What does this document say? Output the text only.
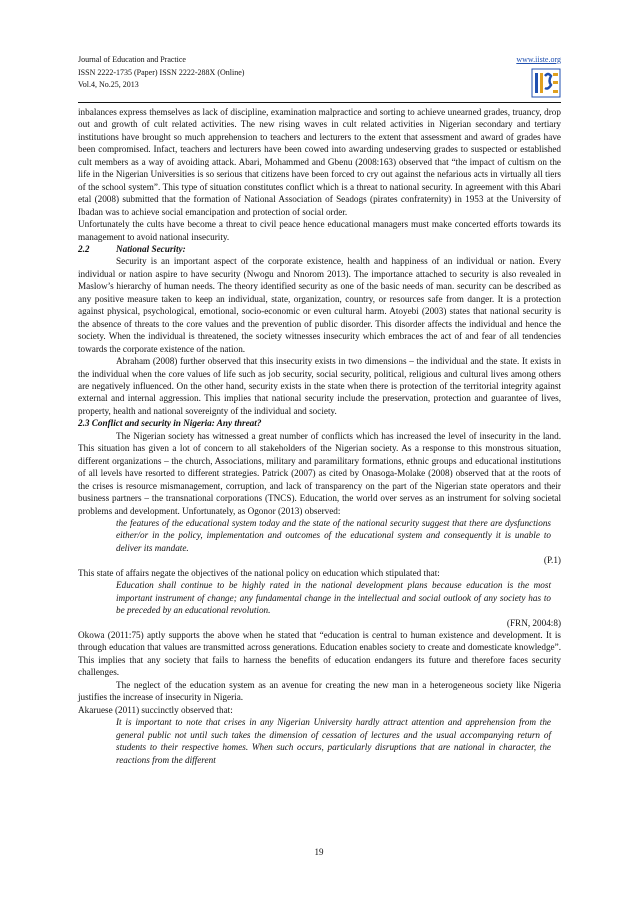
Journal of Education and Practice
ISSN 2222-1735 (Paper) ISSN 2222-288X (Online)
Vol.4, No.25, 2013
www.iiste.org

inbalances express themselves as lack of discipline, examination malpractice and sorting to achieve unearned grades, truancy, drop out and growth of cult related activities. The new rising waves in cult related activities in Nigerian secondary and tertiary institutions have brought so much apprehension to teachers and lecturers to the extent that assessment and award of grades have been compromised. Infact, teachers and lecturers have been cowed into awarding undeserving grades to suspected or established cult members as a way of avoiding attack. Abari, Mohammed and Gbenu (2008:163) observed that “the impact of cultism on the life in the Nigerian Universities is so serious that citizens have been forced to cry out against the nefarious acts in virtually all tiers of the school system”. This type of situation constitutes conflict which is a threat to national security. In agreement with this Abari etal (2008) submitted that the formation of National Association of Seadogs (pirates confraternity) in 1953 at the University of Ibadan was to achieve social emancipation and protection of social order.

Unfortunately the cults have become a threat to civil peace hence educational managers must make concerted efforts towards its management to avoid national insecurity.

2.2	National Security:

Security is an important aspect of the corporate existence, health and happiness of an individual or nation. Every individual or nation aspire to have security (Nwogu and Nnorom 2013). The importance attached to security is also revealed in Maslow’s hierarchy of human needs. The theory identified security as one of the basic needs of man. security can be described as any positive measure taken to keep an individual, state, organization, country, or resources safe from danger. It is a protection against physical, psychological, emotional, socio-economic or even cultural harm. Atoyebi (2003) states that national security is the absence of threats to the core values and the prevention of public disorder. This disorder affects the individual and hence the society. When the individual is threatened, the society witnesses insecurity which embraces the act of and fear of all tendencies towards the corporate existence of the nation.

Abraham (2008) further observed that this insecurity exists in two dimensions – the individual and the state. It exists in the individual when the core values of life such as job security, social security, political, religious and cultural lives among others are negatively influenced. On the other hand, security exists in the state when there is protection of the territorial integrity against external and internal aggression. This implies that national security include the preservation, protection and guarantee of lives, property, health and national sovereignty of the individual and society.

2.3 Conflict and security in Nigeria: Any threat?

The Nigerian society has witnessed a great number of conflicts which has increased the level of insecurity in the land. This situation has given a lot of concern to all stakeholders of the Nigerian society. As a response to this monstrous situation, different organizations – the church, Associations, military and paramilitary formations, ethnic groups and educational institutions of all levels have resorted to different strategies. Patrick (2007) as cited by Onasoga-Molake (2008) observed that at the roots of the crises is resource mismanagement, corruption, and lack of transparency on the part of the Nigerian state operators and their business partners – the transnational corporations (TNCS). Education, the world over serves as an instrument for solving societal problems and development. Unfortunately, as Ogonor (2013) observed:

the features of the educational system today and the state of the national security suggest that there are dysfunctions either/or in the policy, implementation and outcomes of the educational system and consequently it is unable to deliver its mandate.

(P.1)

This state of affairs negate the objectives of the national policy on education which stipulated that:

Education shall continue to be highly rated in the national development plans because education is the most important instrument of change; any fundamental change in the intellectual and social outlook of any society has to be preceded by an educational revolution.

(FRN, 2004:8)

Okowa (2011:75) aptly supports the above when he stated that “education is central to human existence and development. It is through education that values are transmitted across generations. Education enables society to create and domesticate knowledge”. This implies that any society that fails to harness the benefits of education endangers its future and therefore faces security challenges.

The neglect of the education system as an avenue for creating the new man in a heterogeneous society like Nigeria justifies the increase of insecurity in Nigeria.

Akaruese (2011) succinctly observed that:

It is important to note that crises in any Nigerian University hardly attract attention and apprehension from the general public not until such takes the dimension of cessation of lectures and the usual accompanying return of students to their respective homes. When such occurs, particularly disruptions that are national in character, the reactions from the different

19
